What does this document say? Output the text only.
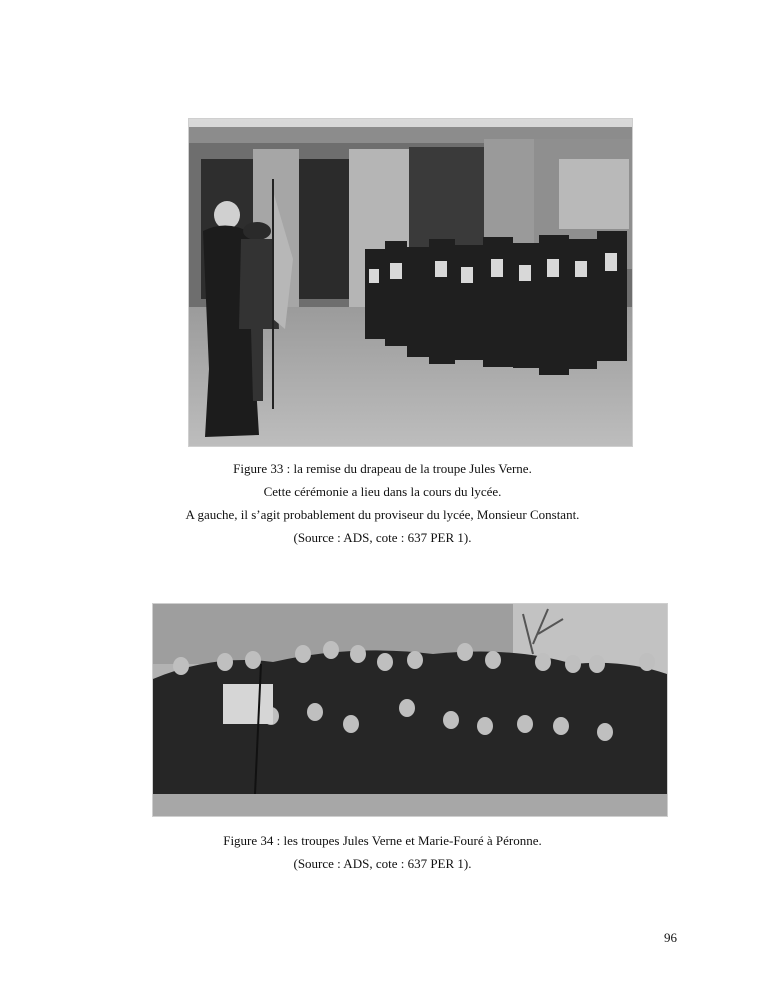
Figure 33 : la remise du drapeau de la troupe Jules Verne.
Cette cérémonie a lieu dans la cours du lycée.
A gauche, il s’agit probablement du proviseur du lycée, Monsieur Constant.
(Source : ADS, cote : 637 PER 1).
Figure 34 : les troupes Jules Verne et Marie-Fouré à Péronne.
(Source : ADS, cote : 637 PER 1).
96
